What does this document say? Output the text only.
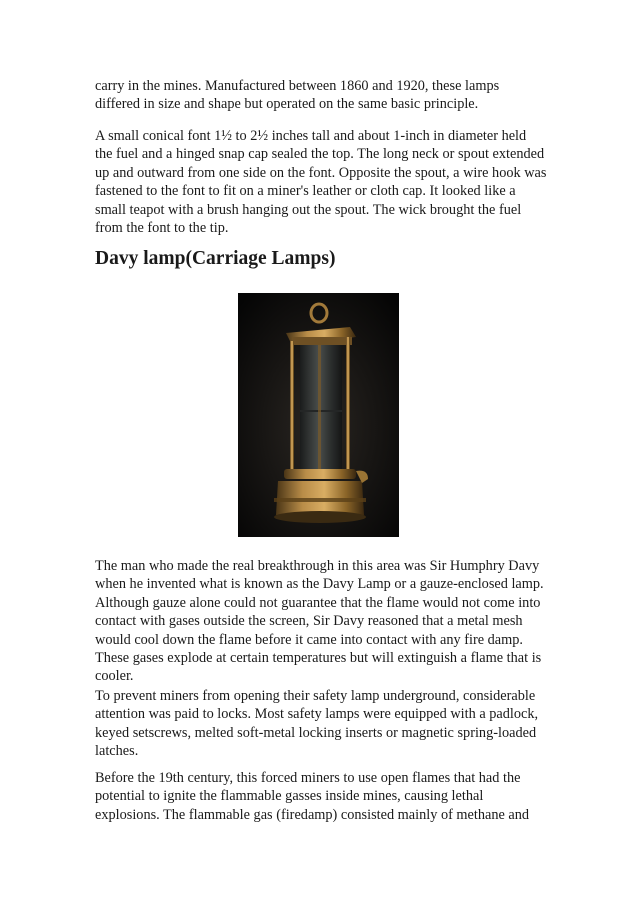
carry in the mines. Manufactured between 1860 and 1920, these lamps differed in size and shape but operated on the same basic principle.

A small conical font 1½ to 2½ inches tall and about 1-inch in diameter held the fuel and a hinged snap cap sealed the top. The long neck or spout extended up and outward from one side on the font. Opposite the spout, a wire hook was fastened to the font to fit on a miner's leather or cloth cap. It looked like a small teapot with a brush hanging out the spout. The wick brought the fuel from the font to the tip.

Davy lamp(Carriage Lamps)

The man who made the real breakthrough in this area was Sir Humphry Davy when he invented what is known as the Davy Lamp or a gauze-enclosed lamp. Although gauze alone could not guarantee that the flame would not come into contact with gases outside the screen, Sir Davy reasoned that a metal mesh would cool down the flame before it came into contact with any fire damp. These gases explode at certain temperatures but will extinguish a flame that is cooler.

To prevent miners from opening their safety lamp underground, considerable attention was paid to locks. Most safety lamps were equipped with a padlock, keyed setscrews, melted soft-metal locking inserts or magnetic spring-loaded latches.

Before the 19th century, this forced miners to use open flames that had the potential to ignite the flammable gasses inside mines, causing lethal explosions. The flammable gas (firedamp) consisted mainly of methane and
